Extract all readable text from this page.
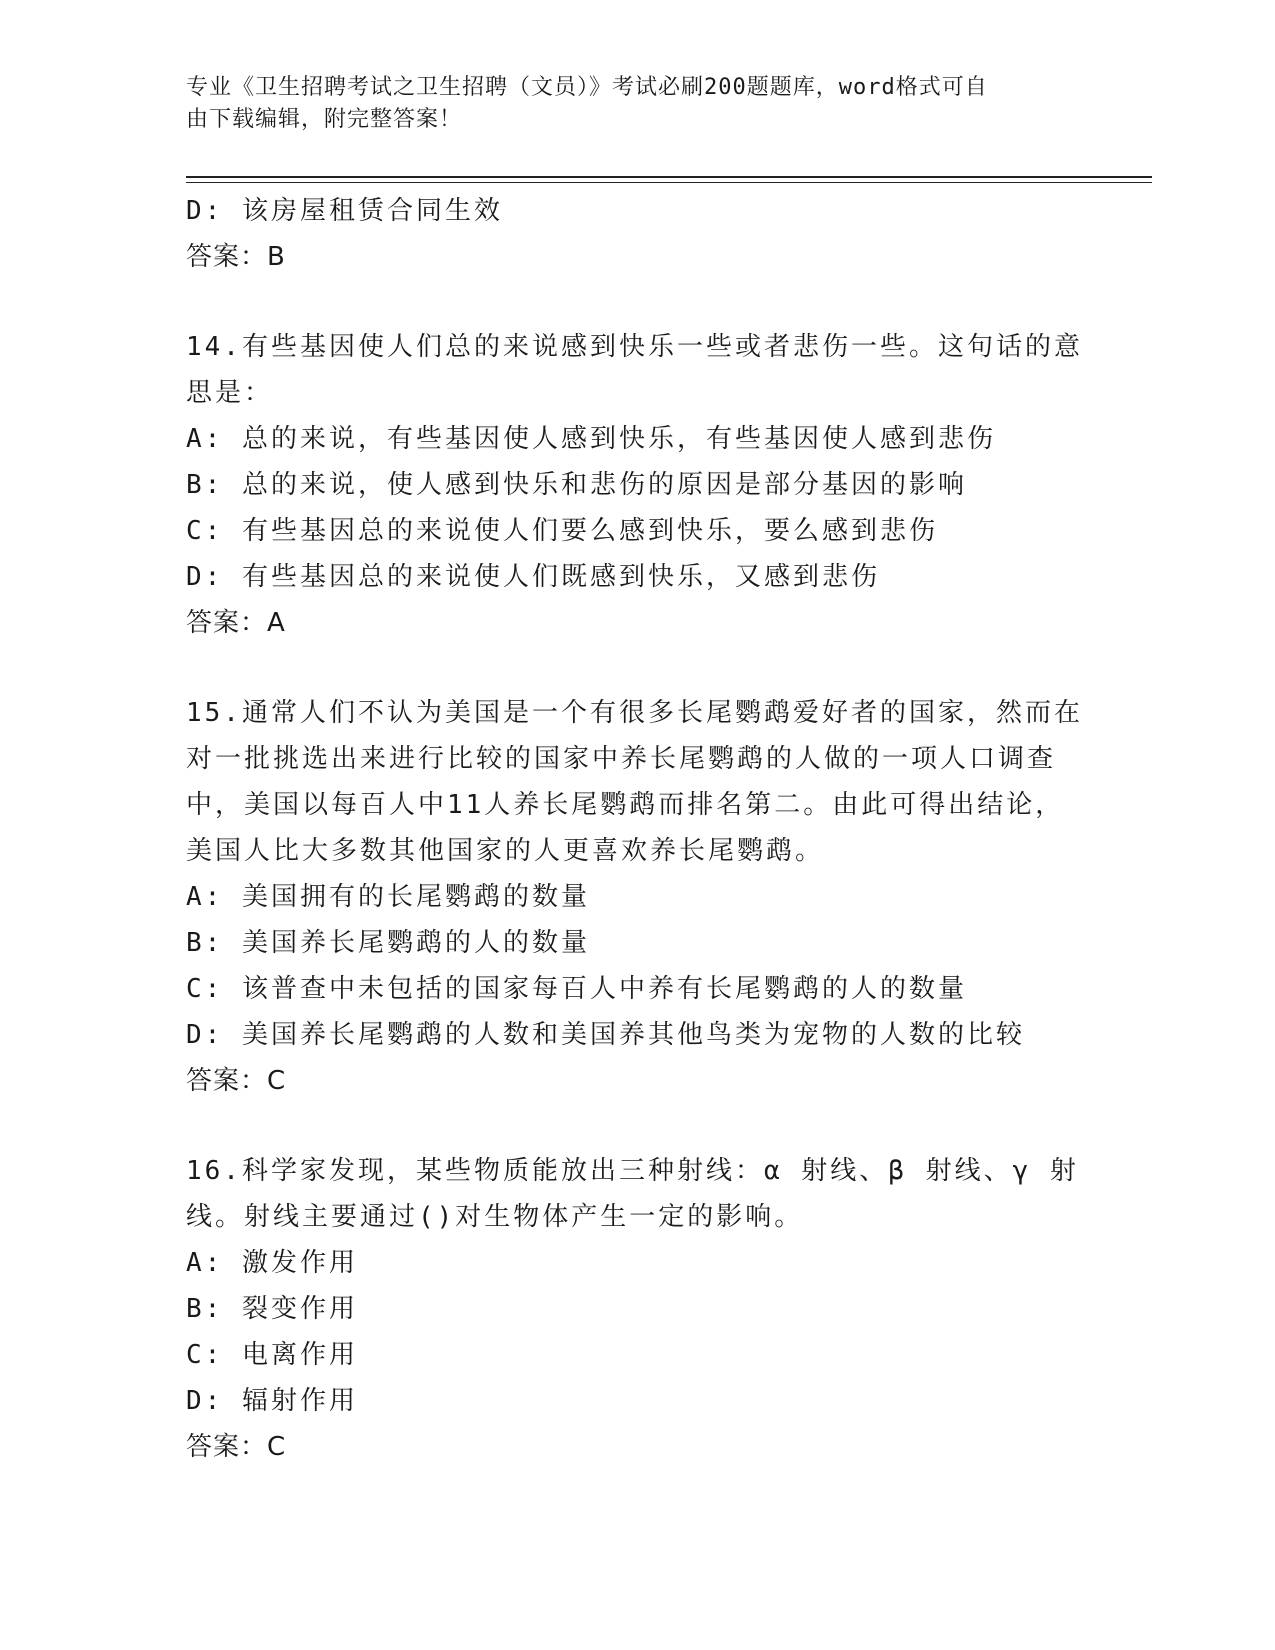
专业《卫生招聘考试之卫生招聘（文员）》考试必刷200题题库，word格式可自
由下载编辑，附完整答案！
D: 该房屋租赁合同生效
答案：B
14.有些基因使人们总的来说感到快乐一些或者悲伤一些。这句话的意
思是：
A: 总的来说，有些基因使人感到快乐，有些基因使人感到悲伤
B: 总的来说，使人感到快乐和悲伤的原因是部分基因的影响
C: 有些基因总的来说使人们要么感到快乐，要么感到悲伤
D: 有些基因总的来说使人们既感到快乐，又感到悲伤
答案：A
15.通常人们不认为美国是一个有很多长尾鹦鹉爱好者的国家，然而在
对一批挑选出来进行比较的国家中养长尾鹦鹉的人做的一项人口调查
中，美国以每百人中11人养长尾鹦鹉而排名第二。由此可得出结论，
美国人比大多数其他国家的人更喜欢养长尾鹦鹉。
A: 美国拥有的长尾鹦鹉的数量
B: 美国养长尾鹦鹉的人的数量
C: 该普查中未包括的国家每百人中养有长尾鹦鹉的人的数量
D: 美国养长尾鹦鹉的人数和美国养其他鸟类为宠物的人数的比较
答案：C
16.科学家发现，某些物质能放出三种射线：α 射线、β 射线、γ 射
线。射线主要通过()对生物体产生一定的影响。
A: 激发作用
B: 裂变作用
C: 电离作用
D: 辐射作用
答案：C
